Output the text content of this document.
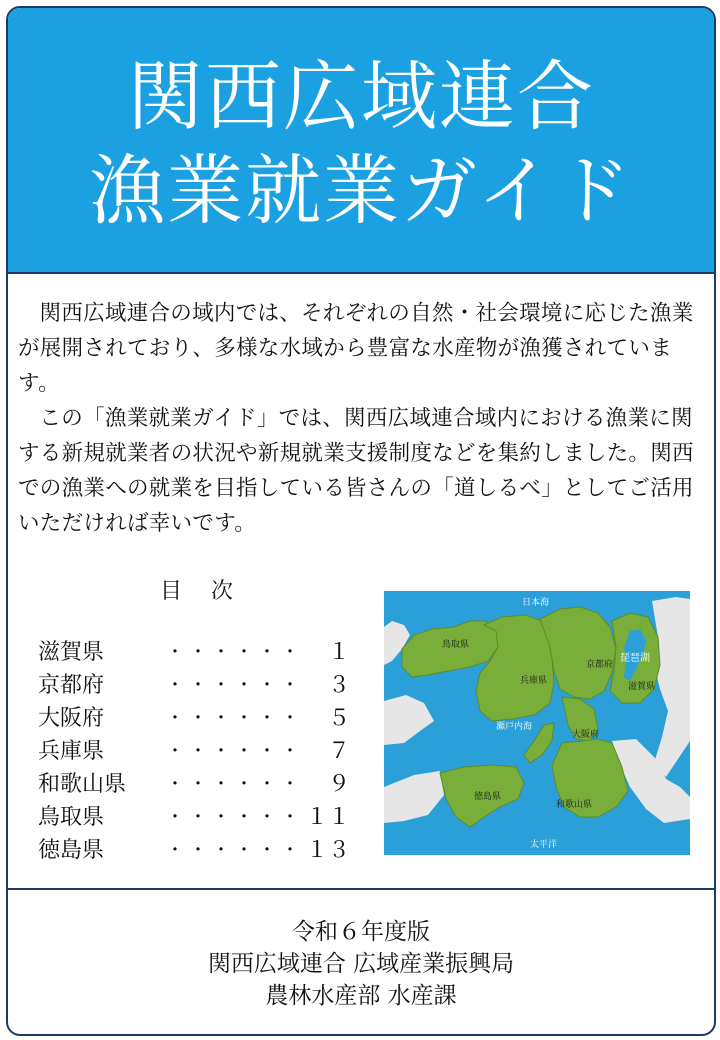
関西広域連合
漁業就業ガイド

関西広域連合の域内では、それぞれの自然・社会環境に応じた漁業が展開されており、多様な水域から豊富な水産物が漁獲されています。

この「漁業就業ガイド」では、関西広域連合域内における漁業に関する新規就業者の状況や新規就業支援制度などを集約しました。関西での漁業への就業を目指している皆さんの「道しるべ」としてご活用いただければ幸いです。

目　 次
滋賀県	・・・・・・ １
京都府	・・・・・・ ３
大阪府	・・・・・・ ５
兵庫県	・・・・・・ ７
和歌山県 ・・・・・・ ９
鳥取県	・・・・・・ １１
徳島県	・・・・・・ １３
日本海
鳥取県
京都府
琵琶湖
兵庫県
滋賀県
瀬戸内海
大阪府
徳島県
和歌山県
太平洋
令和６年度版
関西広域連合 広域産業振興局
農林水産部 水産課
